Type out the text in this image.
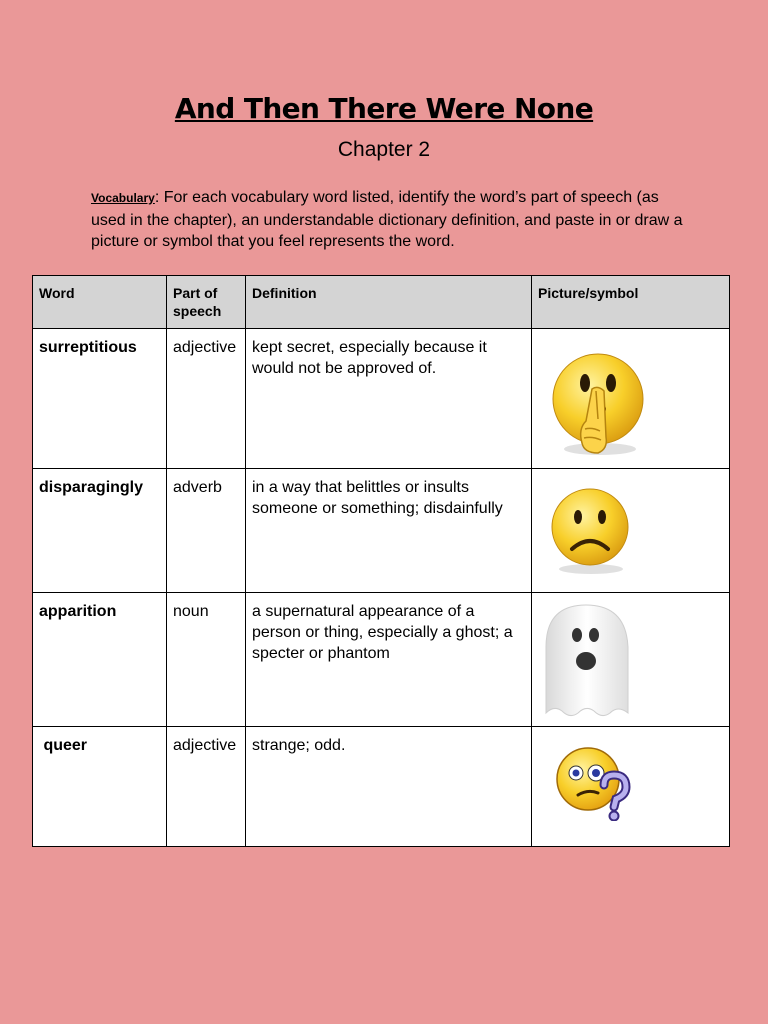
And Then There Were None
Chapter 2
Vocabulary: For each vocabulary word listed, identify the word’s part of speech (as used in the chapter), an understandable dictionary definition, and paste in or draw a picture or symbol that you feel represents the word.
Word	Part of speech	Definition	Picture/symbol
surreptitious	adjective	kept secret, especially because it would not be approved of.	

disparagingly	adverb	in a way that belittles or insults someone or something; disdainfully	

apparition	noun	a supernatural appearance of a person or thing, especially a ghost; a specter or phantom	

queer	adjective	strange; odd.	
